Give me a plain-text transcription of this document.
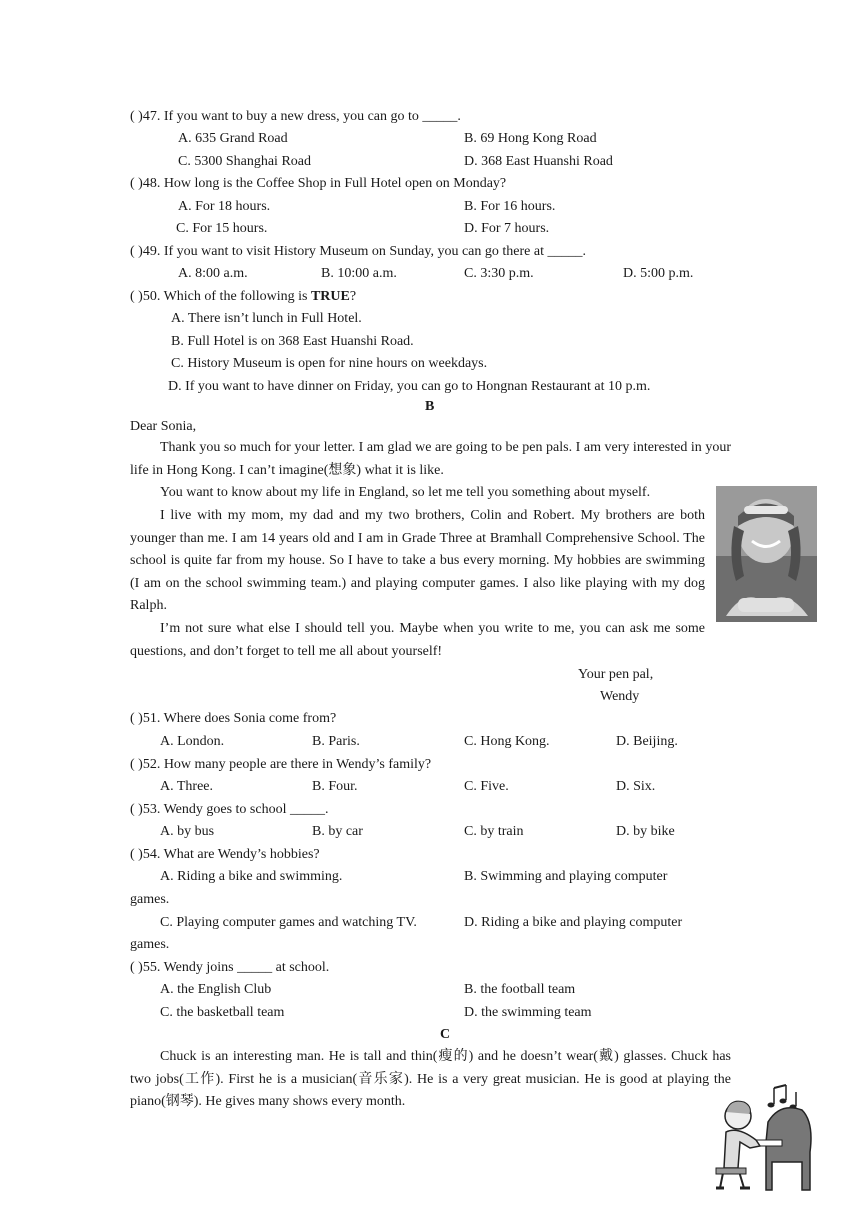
( )47. If you want to buy a new dress, you can go to _____.
A. 635 Grand Road	B. 69 Hong Kong Road
C. 5300 Shanghai Road	D. 368 East Huanshi Road
( )48. How long is the Coffee Shop in Full Hotel open on Monday?
A. For 18 hours.	B. For 16 hours.
C. For 15 hours.	D. For 7 hours.
( )49. If you want to visit History Museum on Sunday, you can go there at _____.
A. 8:00 a.m.	B. 10:00 a.m.	C. 3:30 p.m.	D. 5:00 p.m.
( )50. Which of the following is TRUE?
A. There isn’t lunch in Full Hotel.
B. Full Hotel is on 368 East Huanshi Road.
C. History Museum is open for nine hours on weekdays.
D. If you want to have dinner on Friday, you can go to Hongnan Restaurant at 10 p.m.
B
Dear Sonia,

Thank you so much for your letter. I am glad we are going to be pen pals. I am very interested in your life in Hong Kong. I can’t imagine(想象) what it is like.

You want to know about my life in England, so let me tell you something about myself.

I live with my mom, my dad and my two brothers, Colin and Robert. My brothers are both younger than me. I am 14 years old and I am in Grade Three at Bramhall Comprehensive School. The school is quite far from my house. So I have to take a bus every morning. My hobbies are swimming (I am on the school swimming team.) and playing computer games. I also like playing with my dog Ralph.

I’m not sure what else I should tell you. Maybe when you write to me, you can ask me some questions, and don’t forget to tell me all about yourself!

Your pen pal,
Wendy
( )51. Where does Sonia come from?
A. London.	B. Paris.	C. Hong Kong.	D. Beijing.
( )52. How many people are there in Wendy’s family?
A. Three.	B. Four.	C. Five.	D. Six.
( )53. Wendy goes to school _____.
A. by bus	B. by car	C. by train	D. by bike
( )54. What are Wendy’s hobbies?
A. Riding a bike and swimming.	B. Swimming and playing computer
games.
C. Playing computer games and watching TV.	D. Riding a bike and playing computer
games.
( )55. Wendy joins _____ at school.
A. the English Club	B. the football team
C. the basketball team	D. the swimming team
C

Chuck is an interesting man. He is tall and thin(瘦的) and he doesn’t wear(戴) glasses. Chuck has two jobs(工作). First he is a musician(音乐家). He is a very great musician. He is good at playing the piano(钢琴). He gives many shows every month.
